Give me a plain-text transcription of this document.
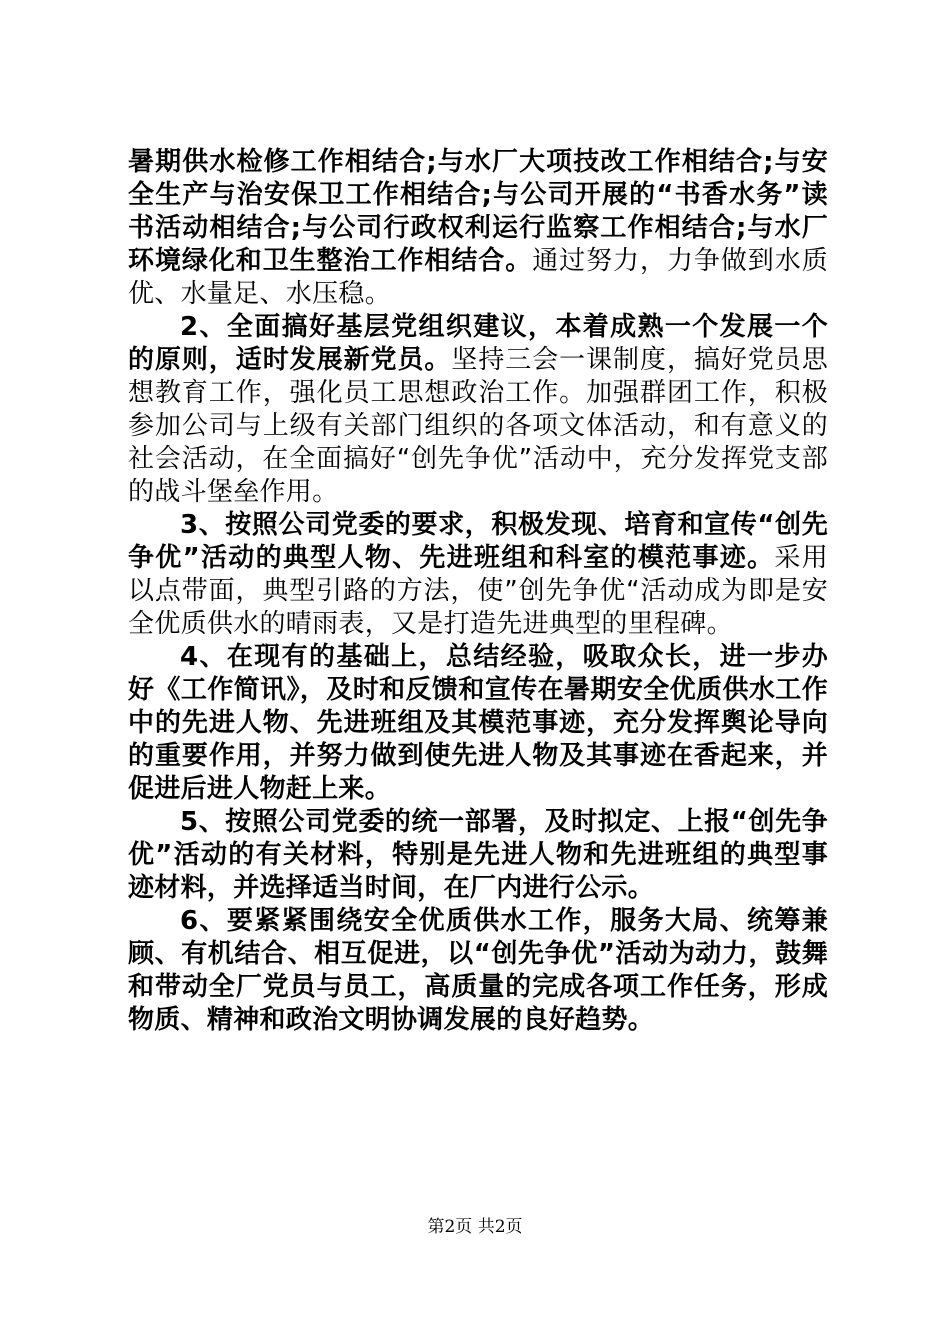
暑期供水检修工作相结合;与水厂大项技改工作相结合;与安全生产与治安保卫工作相结合;与公司开展的“书香水务”读书活动相结合;与公司行政权利运行监察工作相结合;与水厂环境绿化和卫生整治工作相结合。通过努力，力争做到水质优、水量足、水压稳。

2、全面搞好基层党组织建议，本着成熟一个发展一个的原则，适时发展新党员。坚持三会一课制度，搞好党员思想教育工作，强化员工思想政治工作。加强群团工作，积极参加公司与上级有关部门组织的各项文体活动，和有意义的社会活动，在全面搞好“创先争优”活动中，充分发挥党支部的战斗堡垒作用。

3、按照公司党委的要求，积极发现、培育和宣传“创先争优”活动的典型人物、先进班组和科室的模范事迹。采用以点带面，典型引路的方法，使”创先争优“活动成为即是安全优质供水的晴雨表，又是打造先进典型的里程碑。

4、在现有的基础上，总结经验，吸取众长，进一步办好《工作简讯》，及时和反馈和宣传在暑期安全优质供水工作中的先进人物、先进班组及其模范事迹，充分发挥舆论导向的重要作用，并努力做到使先进人物及其事迹在香起来，并促进后进人物赶上来。

5、按照公司党委的统一部署，及时拟定、上报“创先争优”活动的有关材料，特别是先进人物和先进班组的典型事迹材料，并选择适当时间，在厂内进行公示。

6、要紧紧围绕安全优质供水工作，服务大局、统筹兼顾、有机结合、相互促进，以“创先争优”活动为动力，鼓舞和带动全厂党员与员工，高质量的完成各项工作任务，形成物质、精神和政治文明协调发展的良好趋势。

第2页 共2页
